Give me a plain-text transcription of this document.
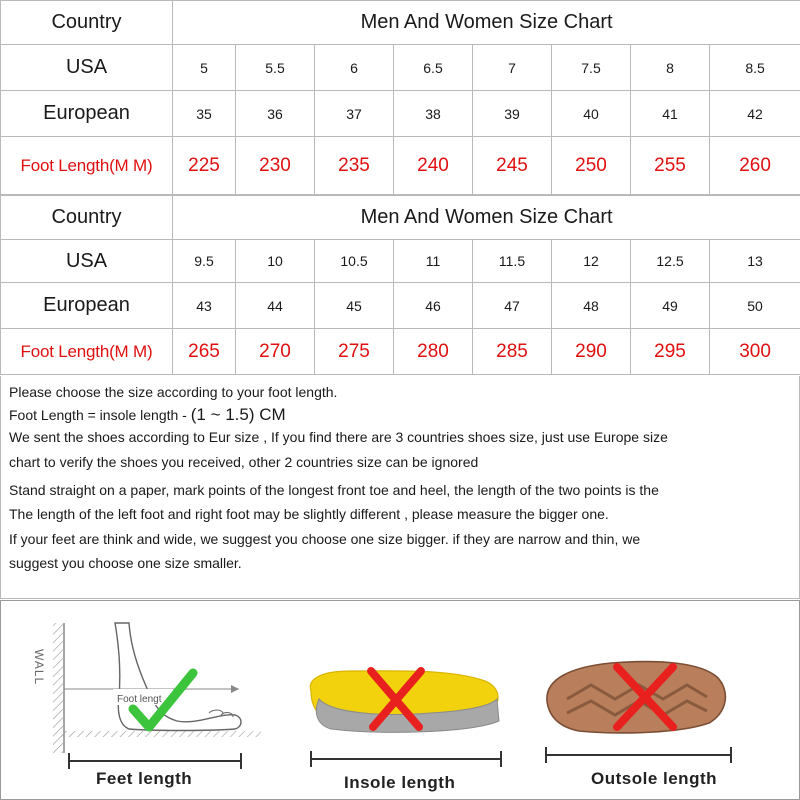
Country	Men And Women Size Chart							
USA	5	5.5	6	6.5	7	7.5	8	8.5
European	35	36	37	38	39	40	41	42
Foot Length(M M)	225	230	235	240	245	250	255	260
Country	Men And Women Size Chart							
USA	9.5	10	10.5	11	11.5	12	12.5	13
European	43	44	45	46	47	48	49	50
Foot Length(M M)	265	270	275	280	285	290	295	300
Please choose the size according to your foot length.
Foot Length = insole length - (1 ~ 1.5) CM
We sent the shoes according to Eur size , If you find there are 3 countries shoes size, just use Europe size
chart to verify the shoes you received, other 2 countries size can be ignored
Stand straight on a paper, mark points of the longest front toe and heel, the length of the two points is the
The length of the left foot and right foot may be slightly different , please measure the bigger one.
If your feet are think and wide, we suggest you choose one size bigger. if they are narrow and thin, we
suggest you choose one size smaller.
WALL
Foot lengt
Feet length	Insole length	Outsole length
